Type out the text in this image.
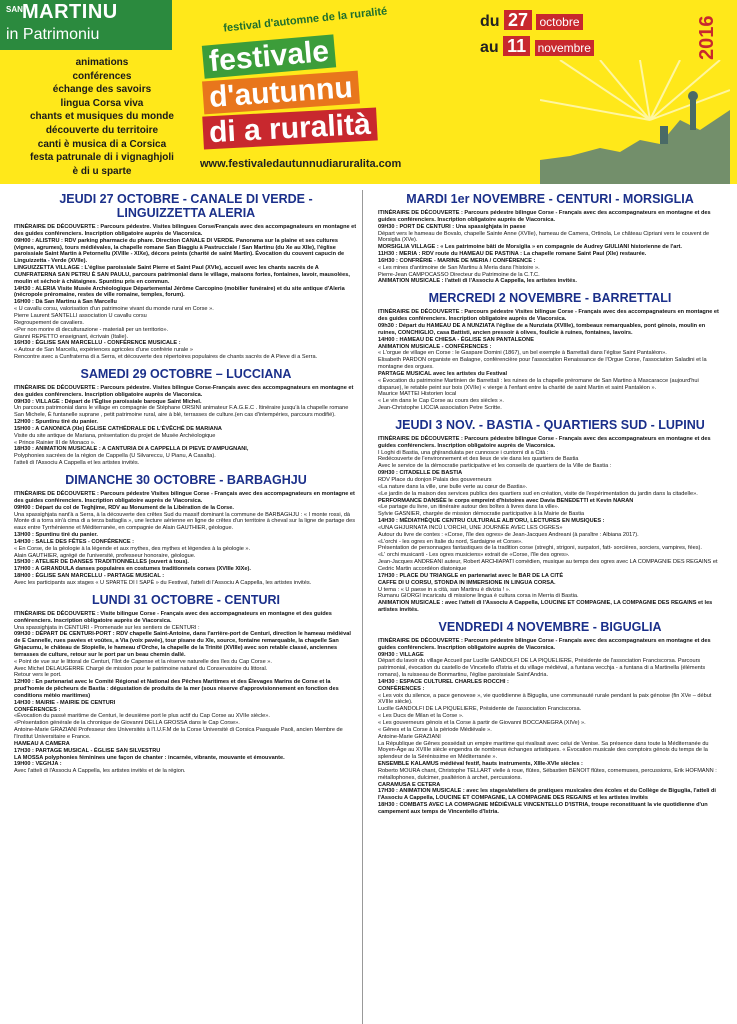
SAN MARTINU
in Patrimoniu
animations
conférences
échange des savoirs
lingua Corsa viva
chants et musiques du monde
découverte du territoire
canti è musica di a Corsica
festa patrunale di i vignaghjoli
è di u sparte
festival d'automne de la ruralité
festivale
d'autunnu
di a ruralità
www.festivaledautunnudiaruralita.com
du 27 octobre
au 11 novembre	2016
JEUDI 27 OCTOBRE - CANALE DI VERDE - LINGUIZZETTA ALERIA

ITINÉRAIRE DE DÉCOUVERTE : Parcours pédestre. Visites bilingues Corse/Français avec des accompagnateurs en montagne et des guides conférenciers. Inscription obligatoire auprès de Viacorsica.

09H00 : ALISTRU : RDV parking pharmacie du phare. Direction CANALE DI VERDE. Panorama sur la plaine et ses cultures (vignes, agrumes), tours médiévales, la chapelle romane San Biaggiu à Pastrucciale / San Martinu (du Xe au XIIe), l'église paroissiale Saint Martin à Petornellu (XVIIIe - XIXe), décors peints (charité de saint Martin). Évocation du couvent capucin de Linguizzetta - Verde (XVIIe).

LINGUIZZETTA VILLAGE : L'église paroissiale Saint Pierre et Saint Paul (XVIe), accueil avec les chants sacrés de A CUNFRATERNA SAN PETRU È SAN PAULU, parcours patrimonial dans le village, maisons fortes, fontaines, lavoir, mausolées, moulin et séchoir à châtaignes. Spuntinu pris en commun.

14H30 : ALERIA Visite Musée Archéologique Départemental Jérôme Carcopino (mobilier funéraire) et du site antique d'Aleria (nécropole préromaine, restes de ville romaine, temples, forum).

16H00 : Dà San Martinu à San Marcellu

« U cavallu corsu, valorisation d'un patrimoine vivant du monde rural en Corse ».

Pierre Laurent SANTELLI association U cavallu corsu

Regroupement de cavaliers.

«Per non morire di deculturazione - materiali per un territorio».

Gianni REPETTO enseignant, écrivain (Italie).

16H30 : ÉGLISE SAN MARCELLU - CONFÉRENCE MUSICALE :

« Autour de San Marcellu, expériences agricoles d'une confrérie rurale »

Rencontre avec a Cunfraterna di a Serra, et découverte des répertoires populaires de chants sacrés de A Pieve di a Serra.

SAMEDI 29 OCTOBRE – LUCCIANA

ITINÉRAIRE DE DÉCOUVERTE : Parcours pédestre. Visites bilingue Corse-Français avec des accompagnateurs en montagne et des guides conférenciers. Inscription obligatoire auprès de Viacorsica.

09H30 : VILLAGE : Départ de l'Église paroissiale baroque Saint Michel.

Un parcours patrimonial dans le village en compagnie de Stéphane ORSINI animateur F.A.G.E.C . Itinéraire jusqu'à la chapelle romane San Michele, È funtanelle suprane , petit patrimoine rural, aire à blé, terrasses de culture.(en cas d'intempéries, parcours modifié).

12H00 : Spuntinu tiré du panier.

15H00 : A CANONICA (XIe) ÉGLISE CATHÉDRALE DE L'ÉVÊCHÉ DE MARIANA

Visite du site antique de Mariana, présentation du projet de Musée Archéologique

« Prince Rainier III de Monaco ».

18H30 : ANIMATION MUSICALE : A CANTURIA DI A CAPPELLA DI PIEVE D'AMPUGNANI,

Polyphonies sacrées de la région de Cappella (U Silvareccu, U Pianu, A Casalta).

l'atteli di l'Associu A Cappella et les artistes invités.

DIMANCHE 30 OCTOBRE - BARBAGHJU

ITINÉRAIRE DE DÉCOUVERTE : Parcours pédestre Visites bilingue Corse - Français avec des accompagnateurs en montagne et des guides conférenciers. Inscription obligatoire auprès de Viacorsica.

09H00 : Départ du col de Teghjime, RDV au Monument de la Libération de la Corse.

Una spassighjata nant'à a Serra, à la découverte des crêtes Sud du massif dominant la commune de BARBAGHJU : « I monte rossi, dà Monte di a torra sin'à cima di a terza battaglia », une lecture aérienne en ligne de crêtes d'un territoire à cheval sur la ligne de partage des eaux entre Tyrrhénienne et Méditerranée, en compagnie de Alain GAUTHIER, géologue.

13H00 : Spuntinu tiré du panier.

14H30 : SALLE DES FÊTES - CONFÉRENCE :

« En Corse, de la géologie à la légende et aux mythes, des mythes et légendes à la géologie ».

Alain GAUTHIER, agrégé de l'université, professeur honoraire, géologue.

15H30 : ATELIER DE DANSES TRADITIONNELLES (ouvert à tous).

17H00 : A GIRANDULA danses populaires en costumes traditionnels corses (XVIIIe XIXe).

18H00 : ÉGLISE SAN MARCELLU - PARTAGE MUSICAL :

Avec les participants aux stages « U SPARTE DI I SAPÈ » du Festival, l'atteli di l'Associu A Cappella, les artistes invités.

LUNDI 31 OCTOBRE - CENTURI

ITINÉRAIRE DE DÉCOUVERTE : Visite bilingue Corse - Français avec des accompagnateurs en montagne et des guides conférenciers. Inscription obligatoire auprès de Viacorsica.

Una spassighjata in CENTURI - Promenade sur les sentiers de CENTURI :

09H30 : DÉPART DE CENTURI-PORT : RDV chapelle Saint-Antoine, dans l'arrière-port de Centuri, direction le hameau médiéval de E Cannelle, rues pavées et voûtes, a Via (voix pavée), tour pisane du XIe, source, fontaine remarquable, la chapelle San Ghjacumu, le château de Stopielle, le hameau d'Orche, la chapelle de la Trinité (XVIIIe) avec son retable classé, anciennes terrasses de culture, retour sur le port par un beau chemin dallé.

« Point de vue sur le littoral de Centuri, l'îlot de Capense et la réserve naturelle des îles du Cap Corse ».

Avec Michel DELAUGERRE Chargé de mission pour le patrimoine naturel du Conservatoire du littoral.

Retour vers le port.

12H00 : En partenariat avec le Comité Régional et National des Pêches Maritimes et des Élevages Marins de Corse et la prud'homie de pêcheurs de Bastia : dégustation de produits de la mer (sous réserve d'approvisionnement en fonction des conditions météo maritimes)

14H30 : MAIRIE - MAIRIE DE CENTURI

CONFÉRENCES :

«Évocation du passé maritime de Centuri, le deuxième port le plus actif du Cap Corse au XVIIe siècle».

«Présentation générale de la chronique de Giovanni DELLA GROSSA dans le Cap Corse».

Antoine-Marie GRAZIANI Professeur des Universités à l'I.U.F.M de la Corse Université di Corsica Pasquale Paoli, ancien Membre de l'Institut Universitaire e France.

HAMEAU A CAMERA

17H30 : PARTAGE MUSICAL - ÉGLISE SAN SILVESTRU

LA MOSSA polyphonies féminines une façon de chanter : incarnée, vibrante, mouvante et émouvante.

19H00 : VEGHJA :

Avec l'atteli di l'Associu A Cappella, les artistes invités et de la région.

MARDI 1er NOVEMBRE - CENTURI - MORSIGLIA

ITINÉRAIRE DE DÉCOUVERTE : Parcours pédestre bilingue Corse - Français avec des accompagnateurs en montagne et des guides conférenciers. Inscription obligatoire auprès de Viacorsica.

09H30 : PORT DE CENTURI : Una spassighjata in paese

Départ vers le hameau de Bovalo, chapelle Sainte Anne (XVIIe), hameau de Camera, Ortinola, Le château Cipriani vers le couvent de Morsiglia (XVe).

MORSIGLIA VILLAGE : « Les patrimoine bâti de Morsiglia » en compagnie de Audrey GIULIANI historienne de l'art.

11H30 : MERIA : RDV route du HAMEAU DE PASTINA : La chapelle romane Saint Paul (XIe) restaurée.

16H30 : CONFRÉRIE - MARINE DE MERIA / CONFÉRENCE :

« Les mines d'antimoine de San Martinu à Meria dans l'histoire ».

Pierre-Jean CAMPOCASSO Directeur du Patrimoine de la C.T.C.

ANIMATION MUSICALE : l'atteli di l'Associu A Cappella, les artistes invités.

MERCREDI 2 NOVEMBRE - BARRETTALI

ITINÉRAIRE DE DÉCOUVERTE : Parcours pédestre Visites bilingue Corse - Français avec des accompagnateurs en montagne et des guides conférenciers. Inscription obligatoire auprès de Viacorsica.

09h30 : Départ du HAMEAU DE A NUNZIATA l'église de a Nunziata (XVIIIe), tombeaux remarquables, pont génois, moulin en ruines, CONCHIGLIO, casa Battisti, ancien pressoir à olives, foulicie à ruines, fontaines, lavoirs.

14H00 : HAMEAU DE CHIESA - ÉGLISE SAN PANTALEONE

ANIMATION MUSICALE - CONFÉRENCES :

« L'orgue de village en Corse : le Gaspare Domini (1867), un bel exemple à Barrettali dans l'église Saint Pantaléon».

Elisabeth PARDON organiste en Balagne, conférencière pour l'association Renaissance de l'Orgue Corse, l'association Saladini et la montagne des orgues.

PARTAGE MUSICAL avec les artistes du Festival

« Évocation du patrimoine Martinien de Barrettali : les ruines de la chapelle préromane de San Martino à Mascaracce (aujourd'hui disparue), le retable peint sur bois (XVIIe) « vierge à l'enfant entre la charité de saint Martin et saint Pantaléon ».

Maurice MATTEI Historien local

« Le vin dans le Cap Corse au cours des siècles ».

Jean-Christophe LICCIA association Petre Scritte.

JEUDI 3 NOV. - BASTIA - QUARTIERS SUD - LUPINU

ITINÉRAIRE DE DÉCOUVERTE : Parcours pédestre bilingue Corse - Français avec des accompagnateurs en montagne et des guides conférenciers. Inscription obligatoire auprès de Viacorsica.

I Loghi di Bastia, una ghjirandulata per cunnosce i cuntorni di a Cità :

Redécouverte de l'environnement et des lieux de vie dans les quartiers de Bastia

Avec le service de la démocratie participative et les conseils de quartiers de la Ville de Bastia :

09H30 : CITADELLE DE BASTIA

RDV Place du donjon Palais des gouverneurs

«La nature dans la ville, une bulle verte au cœur de Bastia».

«Le jardin de la maison des services publics des quartiers sud en création, visite de l'expérimentation du jardin dans la citadelle».

PERFORMANCE DANSÉE le corps empreint d'histoires avec Davia BENEDETTI et Kevin NARAN

«Le partage du livre, un itinéraire autour des boîtes à livres dans la ville».

Sylvie GASNIER, chargée de mission démocratie participative à la Mairie de Bastia

14H30 : MÉDIATHÈQUE CENTRU CULTURALE ALB'ORU, LECTURES EN MUSIQUES :

«UNA GHJURNATA INCÙ L'ORCHI, UNE JOURNÉE AVEC LES OGRES»

Autour du livre de contes : «Corse, l'île des ogres» de Jean-Jacques Andreani (à paraître : Albiana 2017).

«L'orchi - les ogres en Italie du nord, Sardaigne et Corse».

Présentation de personnages fantastiques de la tradition corse (streghi, strigoni, surpatori, fatt- sorcières, sorciers, vampires, fées).

«L' orchi musicanti - Les ogres musiciens» extrait de «Corse, l'île des ogres».

Jean-Jacques ANDREANI auteur, Robert ARCHIAPATI comédien, musique au temps des ogres avec LA COMPAGNIE DES REGAINS et Cedric Martin accordéon diatonique

17H30 : PLACE DU TRIANGLE en partenariat avec le BAR DE LA CITÉ

CAFFE DI U CORSU, STONDA IN IMMERSIONE IN LINGUA CORSA.

U tema : « U paese in a cità, san Martinu è divizia ! ».

Rumanu GIORGI incaricatu di missione lingua è cultura corsa in Merria di Bastia.

ANIMATION MUSICALE : avec l'atteli di l'Associu A Cappella, LOUCINE ET COMPAGNIE, LA COMPAGNIE DES REGAINS et les artistes invités.

VENDREDI 4 NOVEMBRE - BIGUGLIA

ITINÉRAIRE DE DÉCOUVERTE : Parcours pédestre bilingue Corse - Français avec des accompagnateurs en montagne et des guides conférenciers. Inscription obligatoire auprès de Viacorsica.

09H30 : VILLAGE

Départ du lavoir du village Accueil par Lucille GANDOLFI DE LA PIQUELIERE, Présidente de l'association Franciscorsa. Parcours patrimonial, évocation du castello de Vincetello d'Istria et du village médiéval, a funtana vecchja - a funtana di a Martinella (éléments romans), la ruisseau de Bonmartinu, l'église paroissiale Saint'Andria.

14H30 : ESPACE CULTUREL CHARLES ROCCHI :

CONFÉRENCES :

« Les voix du silence, a pace genovese », vie quotidienne à Biguglia, une communauté rurale pendant la paix génoise (fin XVe – début XVIIIe siècle).

Lucille GANDOLFI DE LA PIQUELIERE, Présidente de l'association Franciscorsa.

« Les Ducs de Milan et la Corse ».

« Les gouverneurs génois et la Corse à partir de Giovanni BOCCANEGRA (XIVe) ».

« Gênes et la Corse à la période Médiévale ».

Antoine-Marie GRAZIANI

La République de Gênes possédait un empire maritime qui rivalisait avec celui de Venise. Sa présence dans toute la Méditerranée du Moyen-Âge au XVIIIe siècle engendra de nombreux échanges artistiques. « Évocation musicale des comptoirs génois du temps de la splendeur de la Sérénissime en Méditerranée ».

ENSEMBLE KALAMUS médiéval festif, hauts instruments, XIIIe-XVIe siècles :

Roberto MOURA chant, Christophe TELLART vielle à roue, flûtes, Sébastien BENOIT flûtes, cornemuses, percussions, Erik HOFMANN : métallophones, dulcimer, psaltérion à archet, percussions.

CARAMUSA E CETERA

17H30 : ANIMATION MUSICALE : avec les stages/ateliers de pratiques musicales des écoles et du Collège de Biguglia, l'atteli di l'Associu A Cappella, LOUCINE ET COMPAGNIE, LA COMPAGNIE DES REGAINS et les artistes invités

18H30 : COMBATS AVEC LA COMPAGNIE MÉDIÉVALE VINCENTELLO D'ISTRIA, troupe reconstituant la vie quotidienne d'un campement aux temps de Vincentello d'Istria.
